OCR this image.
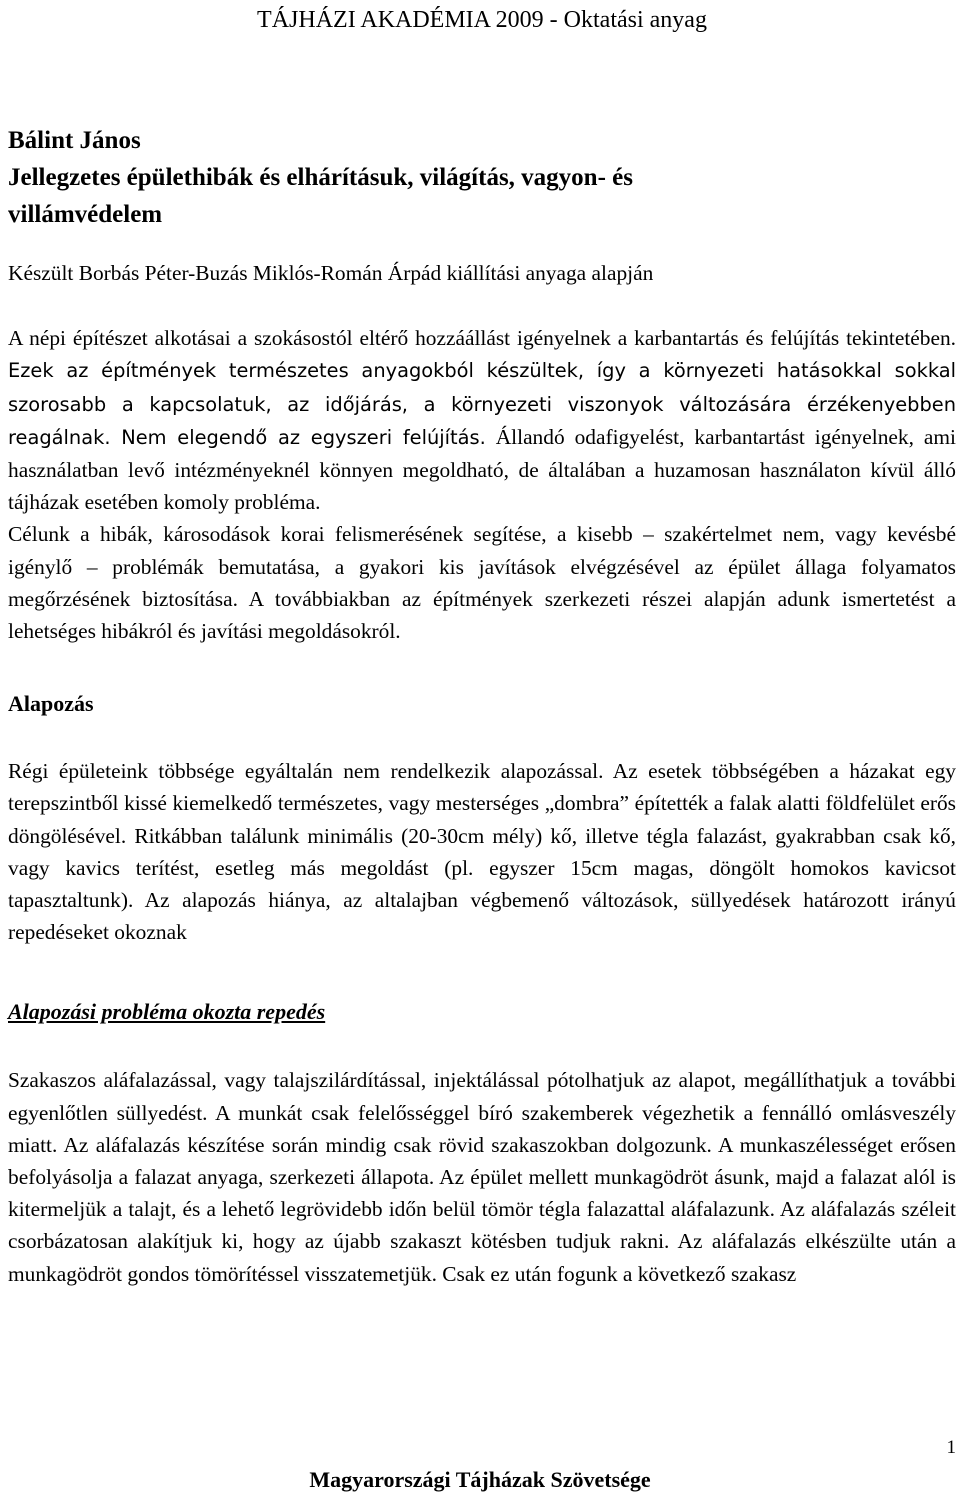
TÁJHÁZI AKADÉMIA 2009 - Oktatási anyag
Bálint János
Jellegzetes épülethibák és elhárításuk, világítás, vagyon- és
villámvédelem

Készült Borbás Péter-Buzás Miklós-Román Árpád kiállítási anyaga alapján

A népi építészet alkotásai a szokásostól eltérő hozzáállást igényelnek a karbantartás és felújítás tekintetében. Ezek az építmények természetes anyagokból készültek, így a környezeti hatásokkal sokkal szorosabb a kapcsolatuk, az időjárás, a környezeti viszonyok változására érzékenyebben reagálnak. Nem elegendő az egyszeri felújítás. Állandó odafigyelést, karbantartást igényelnek, ami használatban levő intézményeknél könnyen megoldható, de általában a huzamosan használaton kívül álló tájházak esetében komoly probléma.

Célunk a hibák, károsodások korai felismerésének segítése, a kisebb – szakértelmet nem, vagy kevésbé igénylő – problémák bemutatása, a gyakori kis javítások elvégzésével az épület állaga folyamatos megőrzésének biztosítása. A továbbiakban az építmények szerkezeti részei alapján adunk ismertetést a lehetséges hibákról és javítási megoldásokról.

Alapozás

Régi épületeink többsége egyáltalán nem rendelkezik alapozással. Az esetek többségében a házakat egy terepszintből kissé kiemelkedő természetes, vagy mesterséges „dombra” építették a falak alatti földfelület erős döngölésével. Ritkábban találunk minimális (20-30cm mély) kő, illetve tégla falazást, gyakrabban csak kő, vagy kavics terítést, esetleg más megoldást (pl. egyszer 15cm magas, döngölt homokos kavicsot tapasztaltunk). Az alapozás hiánya, az altalajban végbemenő változások, süllyedések határozott irányú repedéseket okoznak

Alapozási probléma okozta repedés

Szakaszos aláfalazással, vagy talajszilárdítással, injektálással pótolhatjuk az alapot, megállíthatjuk a további egyenlőtlen süllyedést. A munkát csak felelősséggel bíró szakemberek végezhetik a fennálló omlásveszély miatt. Az aláfalazás készítése során mindig csak rövid szakaszokban dolgozunk. A munkaszélességet erősen befolyásolja a falazat anyaga, szerkezeti állapota. Az épület mellett munkagödröt ásunk, majd a falazat alól is kitermeljük a talajt, és a lehető legrövidebb időn belül tömör tégla falazattal aláfalazunk. Az aláfalazás széleit csorbázatosan alakítjuk ki, hogy az újabb szakaszt kötésben tudjuk rakni. Az aláfalazás elkészülte után a munkagödröt gondos tömörítéssel visszatemetjük. Csak ez után fogunk a következő szakasz

1
Magyarországi Tájházak Szövetsége
